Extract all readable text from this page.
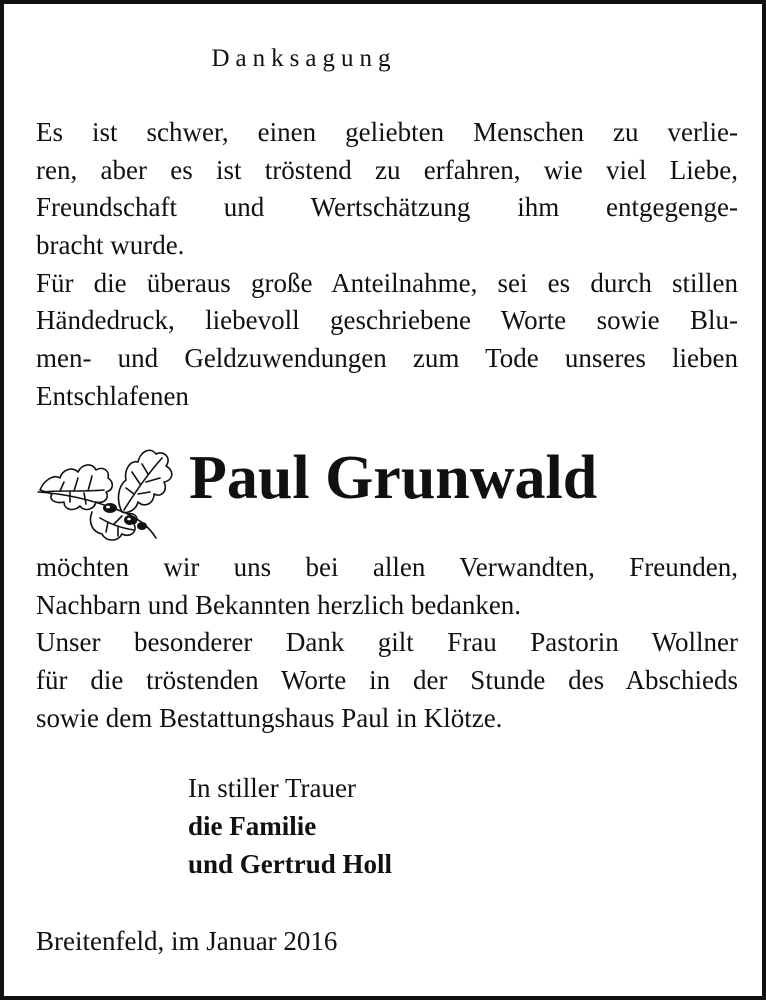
Danksagung
Es ist schwer, einen geliebten Menschen zu verlie-
ren, aber es ist tröstend zu erfahren, wie viel Liebe,
Freundschaft und Wertschätzung ihm entgegenge-
bracht wurde.
Für die überaus große Anteilnahme, sei es durch stillen
Händedruck, liebevoll geschriebene Worte sowie Blu-
men- und Geldzuwendungen zum Tode unseres lieben
Entschlafenen
Paul Grunwald
möchten wir uns bei allen Verwandten, Freunden,
Nachbarn und Bekannten herzlich bedanken.
Unser besonderer Dank gilt Frau Pastorin Wollner
für die tröstenden Worte in der Stunde des Abschieds
sowie dem Bestattungshaus Paul in Klötze.
In stiller Trauer
die Familie
und Gertrud Holl
Breitenfeld, im Januar 2016
